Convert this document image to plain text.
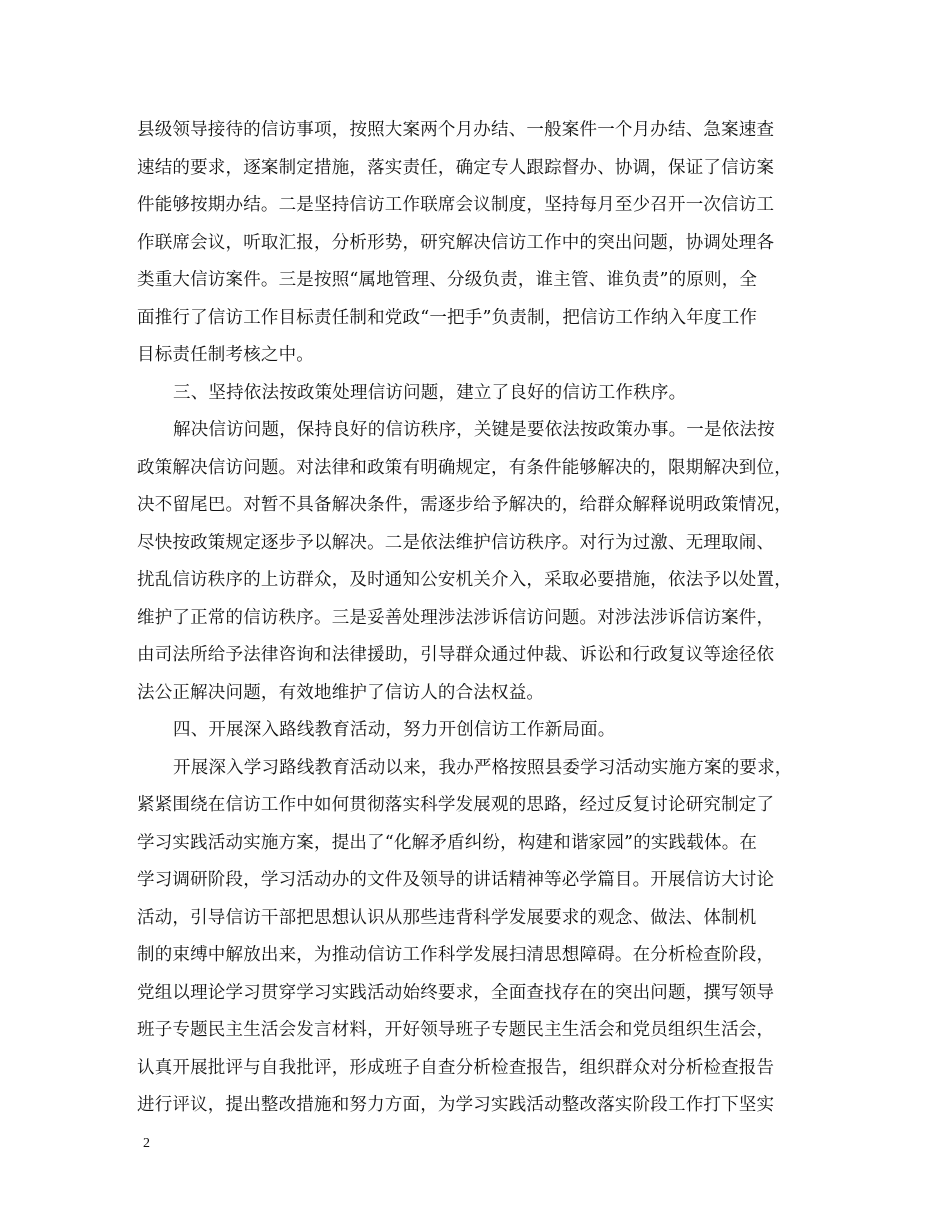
县级领导接待的信访事项，按照大案两个月办结、一般案件一个月办结、急案速查
速结的要求，逐案制定措施，落实责任，确定专人跟踪督办、协调，保证了信访案
件能够按期办结。二是坚持信访工作联席会议制度，坚持每月至少召开一次信访工
作联席会议，听取汇报，分析形势，研究解决信访工作中的突出问题，协调处理各
类重大信访案件。三是按照“属地管理、分级负责，谁主管、谁负责”的原则，全
面推行了信访工作目标责任制和党政“一把手”负责制，把信访工作纳入年度工作
目标责任制考核之中。
三、坚持依法按政策处理信访问题，建立了良好的信访工作秩序。
解决信访问题，保持良好的信访秩序，关键是要依法按政策办事。一是依法按
政策解决信访问题。对法律和政策有明确规定，有条件能够解决的，限期解决到位，
决不留尾巴。对暂不具备解决条件，需逐步给予解决的，给群众解释说明政策情况，
尽快按政策规定逐步予以解决。二是依法维护信访秩序。对行为过激、无理取闹、
扰乱信访秩序的上访群众，及时通知公安机关介入，采取必要措施，依法予以处置，
维护了正常的信访秩序。三是妥善处理涉法涉诉信访问题。对涉法涉诉信访案件，
由司法所给予法律咨询和法律援助，引导群众通过仲裁、诉讼和行政复议等途径依
法公正解决问题，有效地维护了信访人的合法权益。
四、开展深入路线教育活动，努力开创信访工作新局面。
开展深入学习路线教育活动以来，我办严格按照县委学习活动实施方案的要求，
紧紧围绕在信访工作中如何贯彻落实科学发展观的思路，经过反复讨论研究制定了
学习实践活动实施方案，提出了“化解矛盾纠纷，构建和谐家园”的实践载体。在
学习调研阶段，学习活动办的文件及领导的讲话精神等必学篇目。开展信访大讨论
活动，引导信访干部把思想认识从那些违背科学发展要求的观念、做法、体制机
制的束缚中解放出来，为推动信访工作科学发展扫清思想障碍。在分析检查阶段，
党组以理论学习贯穿学习实践活动始终要求，全面查找存在的突出问题，撰写领导
班子专题民主生活会发言材料，开好领导班子专题民主生活会和党员组织生活会，
认真开展批评与自我批评，形成班子自查分析检查报告，组织群众对分析检查报告
进行评议，提出整改措施和努力方面，为学习实践活动整改落实阶段工作打下坚实
2
